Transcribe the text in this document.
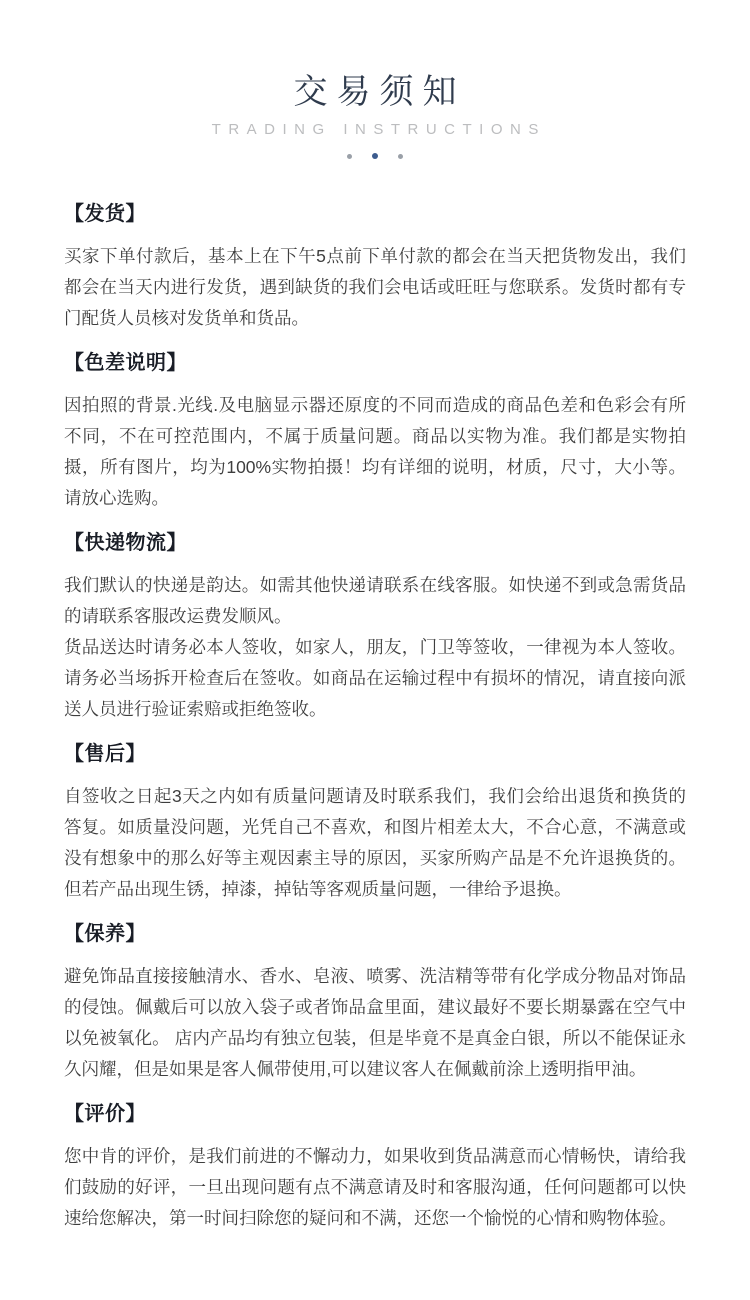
交易须知
TRADING INSTRUCTIONS
【发货】

买家下单付款后，基本上在下午5点前下单付款的都会在当天把货物发出，我们都会在当天内进行发货，遇到缺货的我们会电话或旺旺与您联系。发货时都有专门配货人员核对发货单和货品。

【色差说明】

因拍照的背景.光线.及电脑显示器还原度的不同而造成的商品色差和色彩会有所不同，不在可控范围内，不属于质量问题。商品以实物为准。我们都是实物拍摄，所有图片，均为100%实物拍摄！均有详细的说明，材质，尺寸，大小等。请放心选购。

【快递物流】

我们默认的快递是韵达。如需其他快递请联系在线客服。如快递不到或急需货品的请联系客服改运费发顺风。

货品送达时请务必本人签收，如家人，朋友，门卫等签收，一律视为本人签收。请务必当场拆开检查后在签收。如商品在运输过程中有损坏的情况，请直接向派送人员进行验证索赔或拒绝签收。

【售后】

自签收之日起3天之内如有质量问题请及时联系我们，我们会给出退货和换货的答复。如质量没问题，光凭自己不喜欢，和图片相差太大，不合心意，不满意或没有想象中的那么好等主观因素主导的原因，买家所购产品是不允许退换货的。但若产品出现生锈，掉漆，掉钻等客观质量问题，一律给予退换。

【保养】

避免饰品直接接触清水、香水、皂液、喷雾、洗洁精等带有化学成分物品对饰品的侵蚀。佩戴后可以放入袋子或者饰品盒里面，建议最好不要长期暴露在空气中以免被氧化。 店内产品均有独立包装，但是毕竟不是真金白银，所以不能保证永久闪耀，但是如果是客人佩带使用,可以建议客人在佩戴前涂上透明指甲油。

【评价】

您中肯的评价，是我们前进的不懈动力，如果收到货品满意而心情畅快，请给我们鼓励的好评，一旦出现问题有点不满意请及时和客服沟通，任何问题都可以快速给您解决，第一时间扫除您的疑问和不满，还您一个愉悦的心情和购物体验。
